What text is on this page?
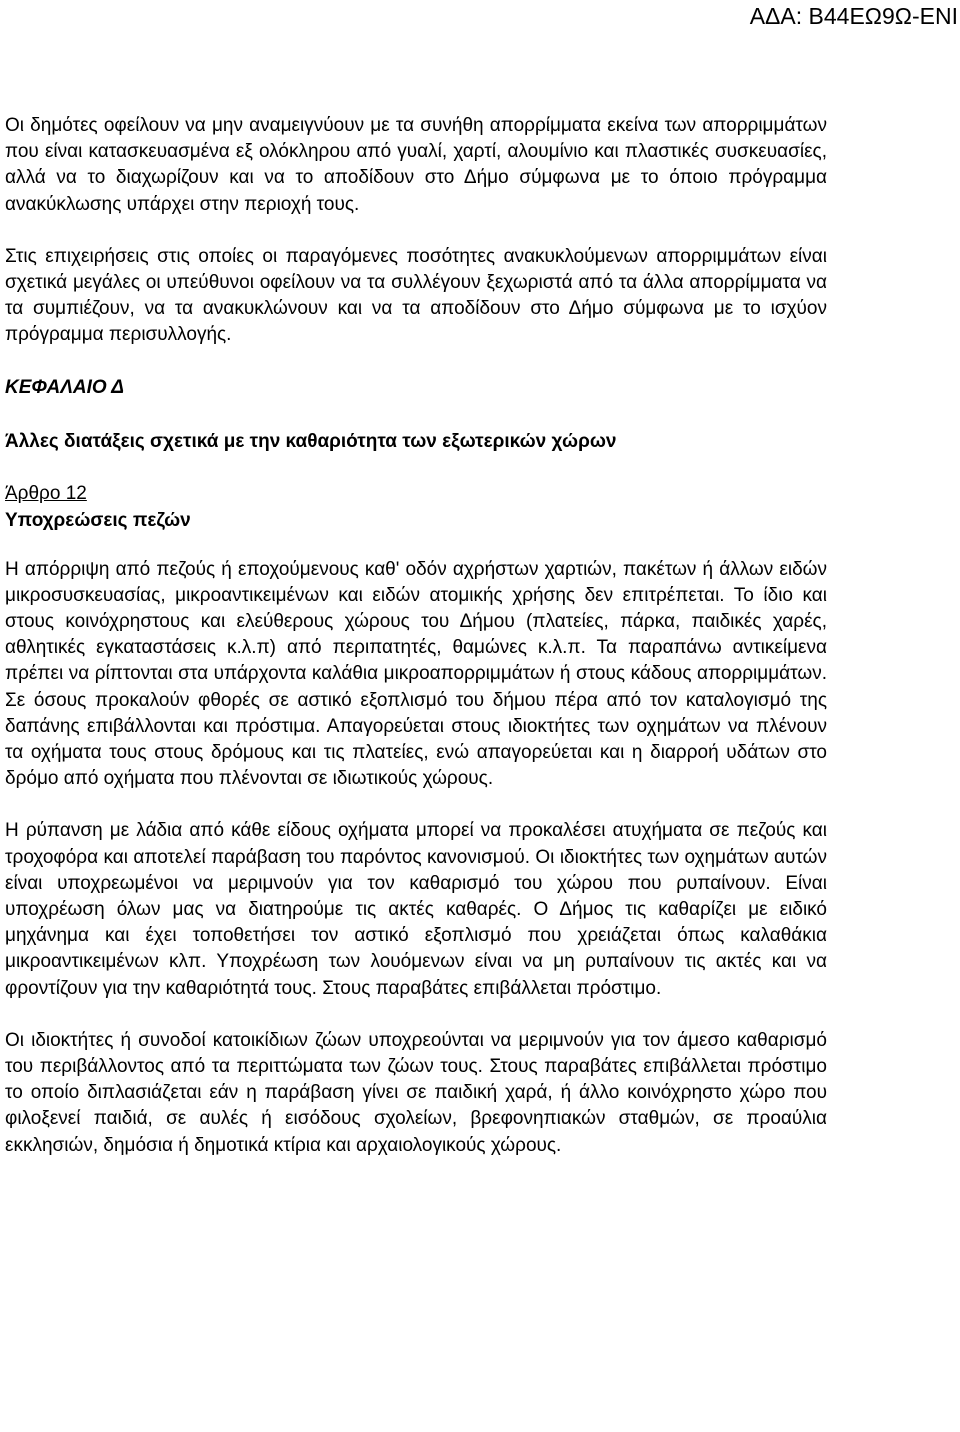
ΑΔΑ: Β44ΕΩ9Ω-ΕΝΙ

Οι δημότες οφείλουν να μην αναμειγνύουν με τα συνήθη απορρίμματα εκείνα των απορριμμάτων που είναι κατασκευασμένα εξ ολόκληρου από γυαλί, χαρτί, αλουμίνιο και πλαστικές συσκευασίες, αλλά να το διαχωρίζουν και να το αποδίδουν στο Δήμο σύμφωνα με το όποιο πρόγραμμα ανακύκλωσης υπάρχει στην περιοχή τους.

Στις επιχειρήσεις στις οποίες οι παραγόμενες ποσότητες ανακυκλούμενων απορριμμάτων είναι σχετικά μεγάλες οι υπεύθυνοι οφείλουν να τα συλλέγουν ξεχωριστά από τα άλλα απορρίμματα να τα συμπιέζουν, να τα ανακυκλώνουν και να τα αποδίδουν στο Δήμο σύμφωνα με το ισχύον πρόγραμμα περισυλλογής.

ΚΕΦΑΛΑΙΟ Δ

Άλλες διατάξεις σχετικά με την καθαριότητα των εξωτερικών χώρων

Άρθρο 12

Υποχρεώσεις πεζών

Η απόρριψη από πεζούς ή εποχούμενους καθ' οδόν αχρήστων χαρτιών, πακέτων ή άλλων ειδών μικροσυσκευασίας, μικροαντικειμένων και ειδών ατομικής χρήσης δεν επιτρέπεται. Το ίδιο και στους κοινόχρηστους και ελεύθερους χώρους του Δήμου (πλατείες, πάρκα, παιδικές χαρές, αθλητικές εγκαταστάσεις κ.λ.π) από περιπατητές, θαμώνες κ.λ.π. Τα παραπάνω αντικείμενα πρέπει να ρίπτονται στα υπάρχοντα καλάθια μικροαπορριμμάτων ή στους κάδους απορριμμάτων. Σε όσους προκαλούν φθορές σε αστικό εξοπλισμό του δήμου πέρα από τον καταλογισμό της δαπάνης επιβάλλονται και πρόστιμα. Απαγορεύεται στους ιδιοκτήτες των οχημάτων να πλένουν τα οχήματα τους στους δρόμους και τις πλατείες, ενώ απαγορεύεται και η διαρροή υδάτων στο δρόμο από οχήματα που πλένονται σε ιδιωτικούς χώρους.

Η ρύπανση με λάδια από κάθε είδους οχήματα μπορεί να προκαλέσει ατυχήματα σε πεζούς και τροχοφόρα και αποτελεί παράβαση του παρόντος κανονισμού. Οι ιδιοκτήτες των οχημάτων αυτών είναι υποχρεωμένοι να μεριμνούν για τον καθαρισμό του χώρου που ρυπαίνουν. Είναι υποχρέωση όλων μας να διατηρούμε τις ακτές καθαρές. Ο Δήμος τις καθαρίζει με ειδικό μηχάνημα και έχει τοποθετήσει τον αστικό εξοπλισμό που χρειάζεται όπως καλαθάκια μικροαντικειμένων κλπ. Υποχρέωση των λουόμενων είναι να μη ρυπαίνουν τις ακτές και να φροντίζουν για την καθαριότητά τους. Στους παραβάτες επιβάλλεται πρόστιμο.

Οι ιδιοκτήτες ή συνοδοί κατοικίδιων ζώων υποχρεούνται να μεριμνούν για τον άμεσο καθαρισμό του περιβάλλοντος από τα περιττώματα των ζώων τους. Στους παραβάτες επιβάλλεται πρόστιμο το οποίο διπλασιάζεται εάν η παράβαση γίνει σε παιδική χαρά, ή άλλο κοινόχρηστο χώρο που φιλοξενεί παιδιά, σε αυλές ή εισόδους σχολείων, βρεφονηπιακών σταθμών, σε προαύλια εκκλησιών, δημόσια ή δημοτικά κτίρια και αρχαιολογικούς χώρους.
